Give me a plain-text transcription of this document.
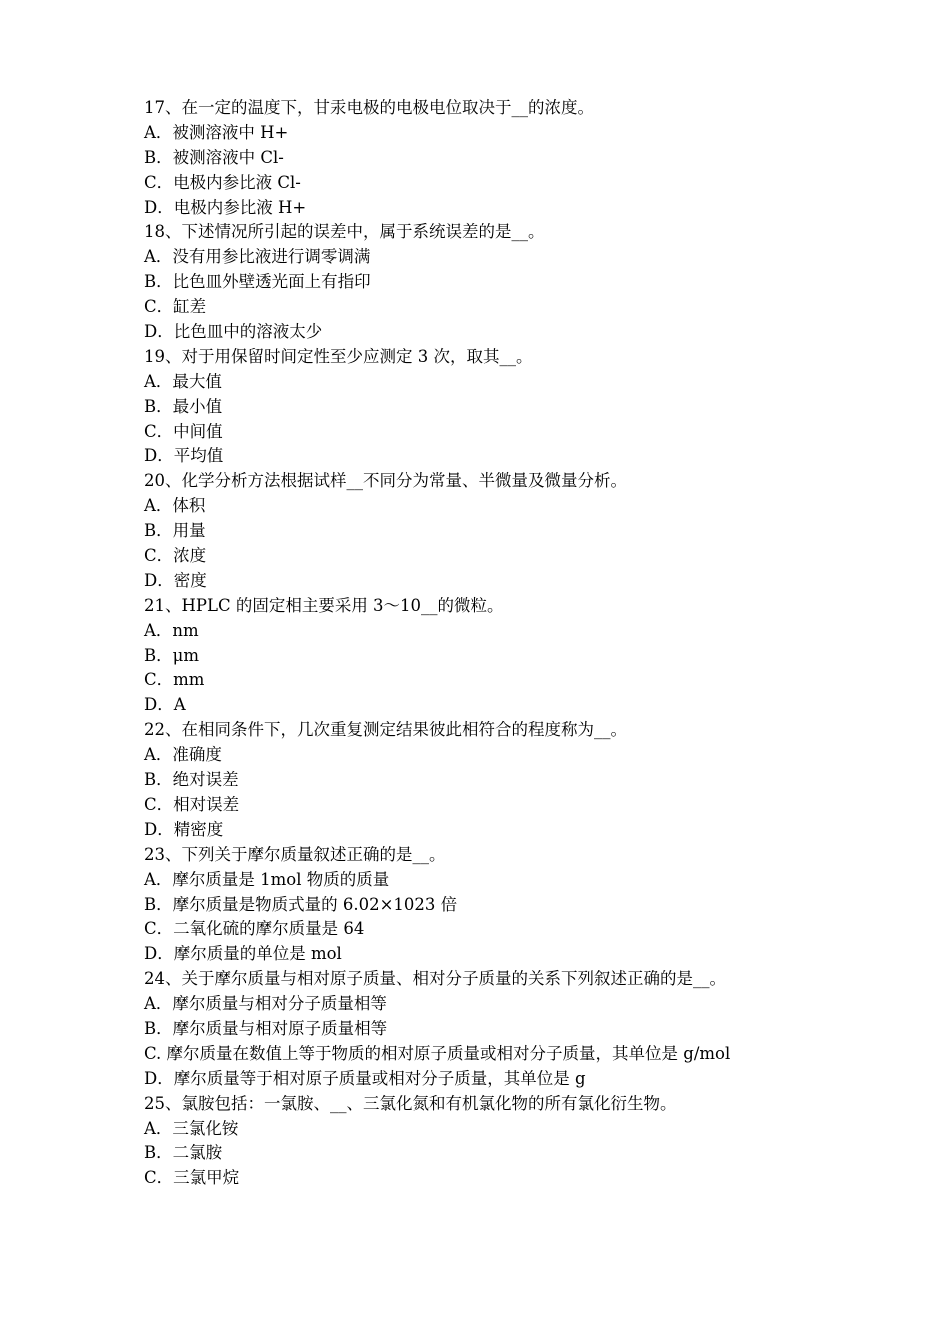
17、在一定的温度下，甘汞电极的电极电位取决于__的浓度。
A．被测溶液中 H+
B．被测溶液中 Cl-
C．电极内参比液 Cl-
D．电极内参比液 H+
18、下述情况所引起的误差中，属于系统误差的是__。
A．没有用参比液进行调零调满
B．比色皿外壁透光面上有指印
C．缸差
D．比色皿中的溶液太少
19、对于用保留时间定性至少应测定 3 次，取其__。
A．最大值
B．最小值
C．中间值
D．平均值
20、化学分析方法根据试样__不同分为常量、半微量及微量分析。
A．体积
B．用量
C．浓度
D．密度
21、HPLC 的固定相主要采用 3～10__的微粒。
A．nm
B．μm
C．mm
D．A
22、在相同条件下，几次重复测定结果彼此相符合的程度称为__。
A．准确度
B．绝对误差
C．相对误差
D．精密度
23、下列关于摩尔质量叙述正确的是__。
A．摩尔质量是 1mol 物质的质量
B．摩尔质量是物质式量的 6.02×1023 倍
C．二氧化硫的摩尔质量是 64
D．摩尔质量的单位是 mol
24、关于摩尔质量与相对原子质量、相对分子质量的关系下列叙述正确的是__。
A．摩尔质量与相对分子质量相等
B．摩尔质量与相对原子质量相等
C. 摩尔质量在数值上等于物质的相对原子质量或相对分子质量，其单位是 g/mol
D．摩尔质量等于相对原子质量或相对分子质量，其单位是 g
25、氯胺包括：一氯胺、__、三氯化氮和有机氯化物的所有氯化衍生物。
A．三氯化铵
B．二氯胺
C．三氯甲烷
